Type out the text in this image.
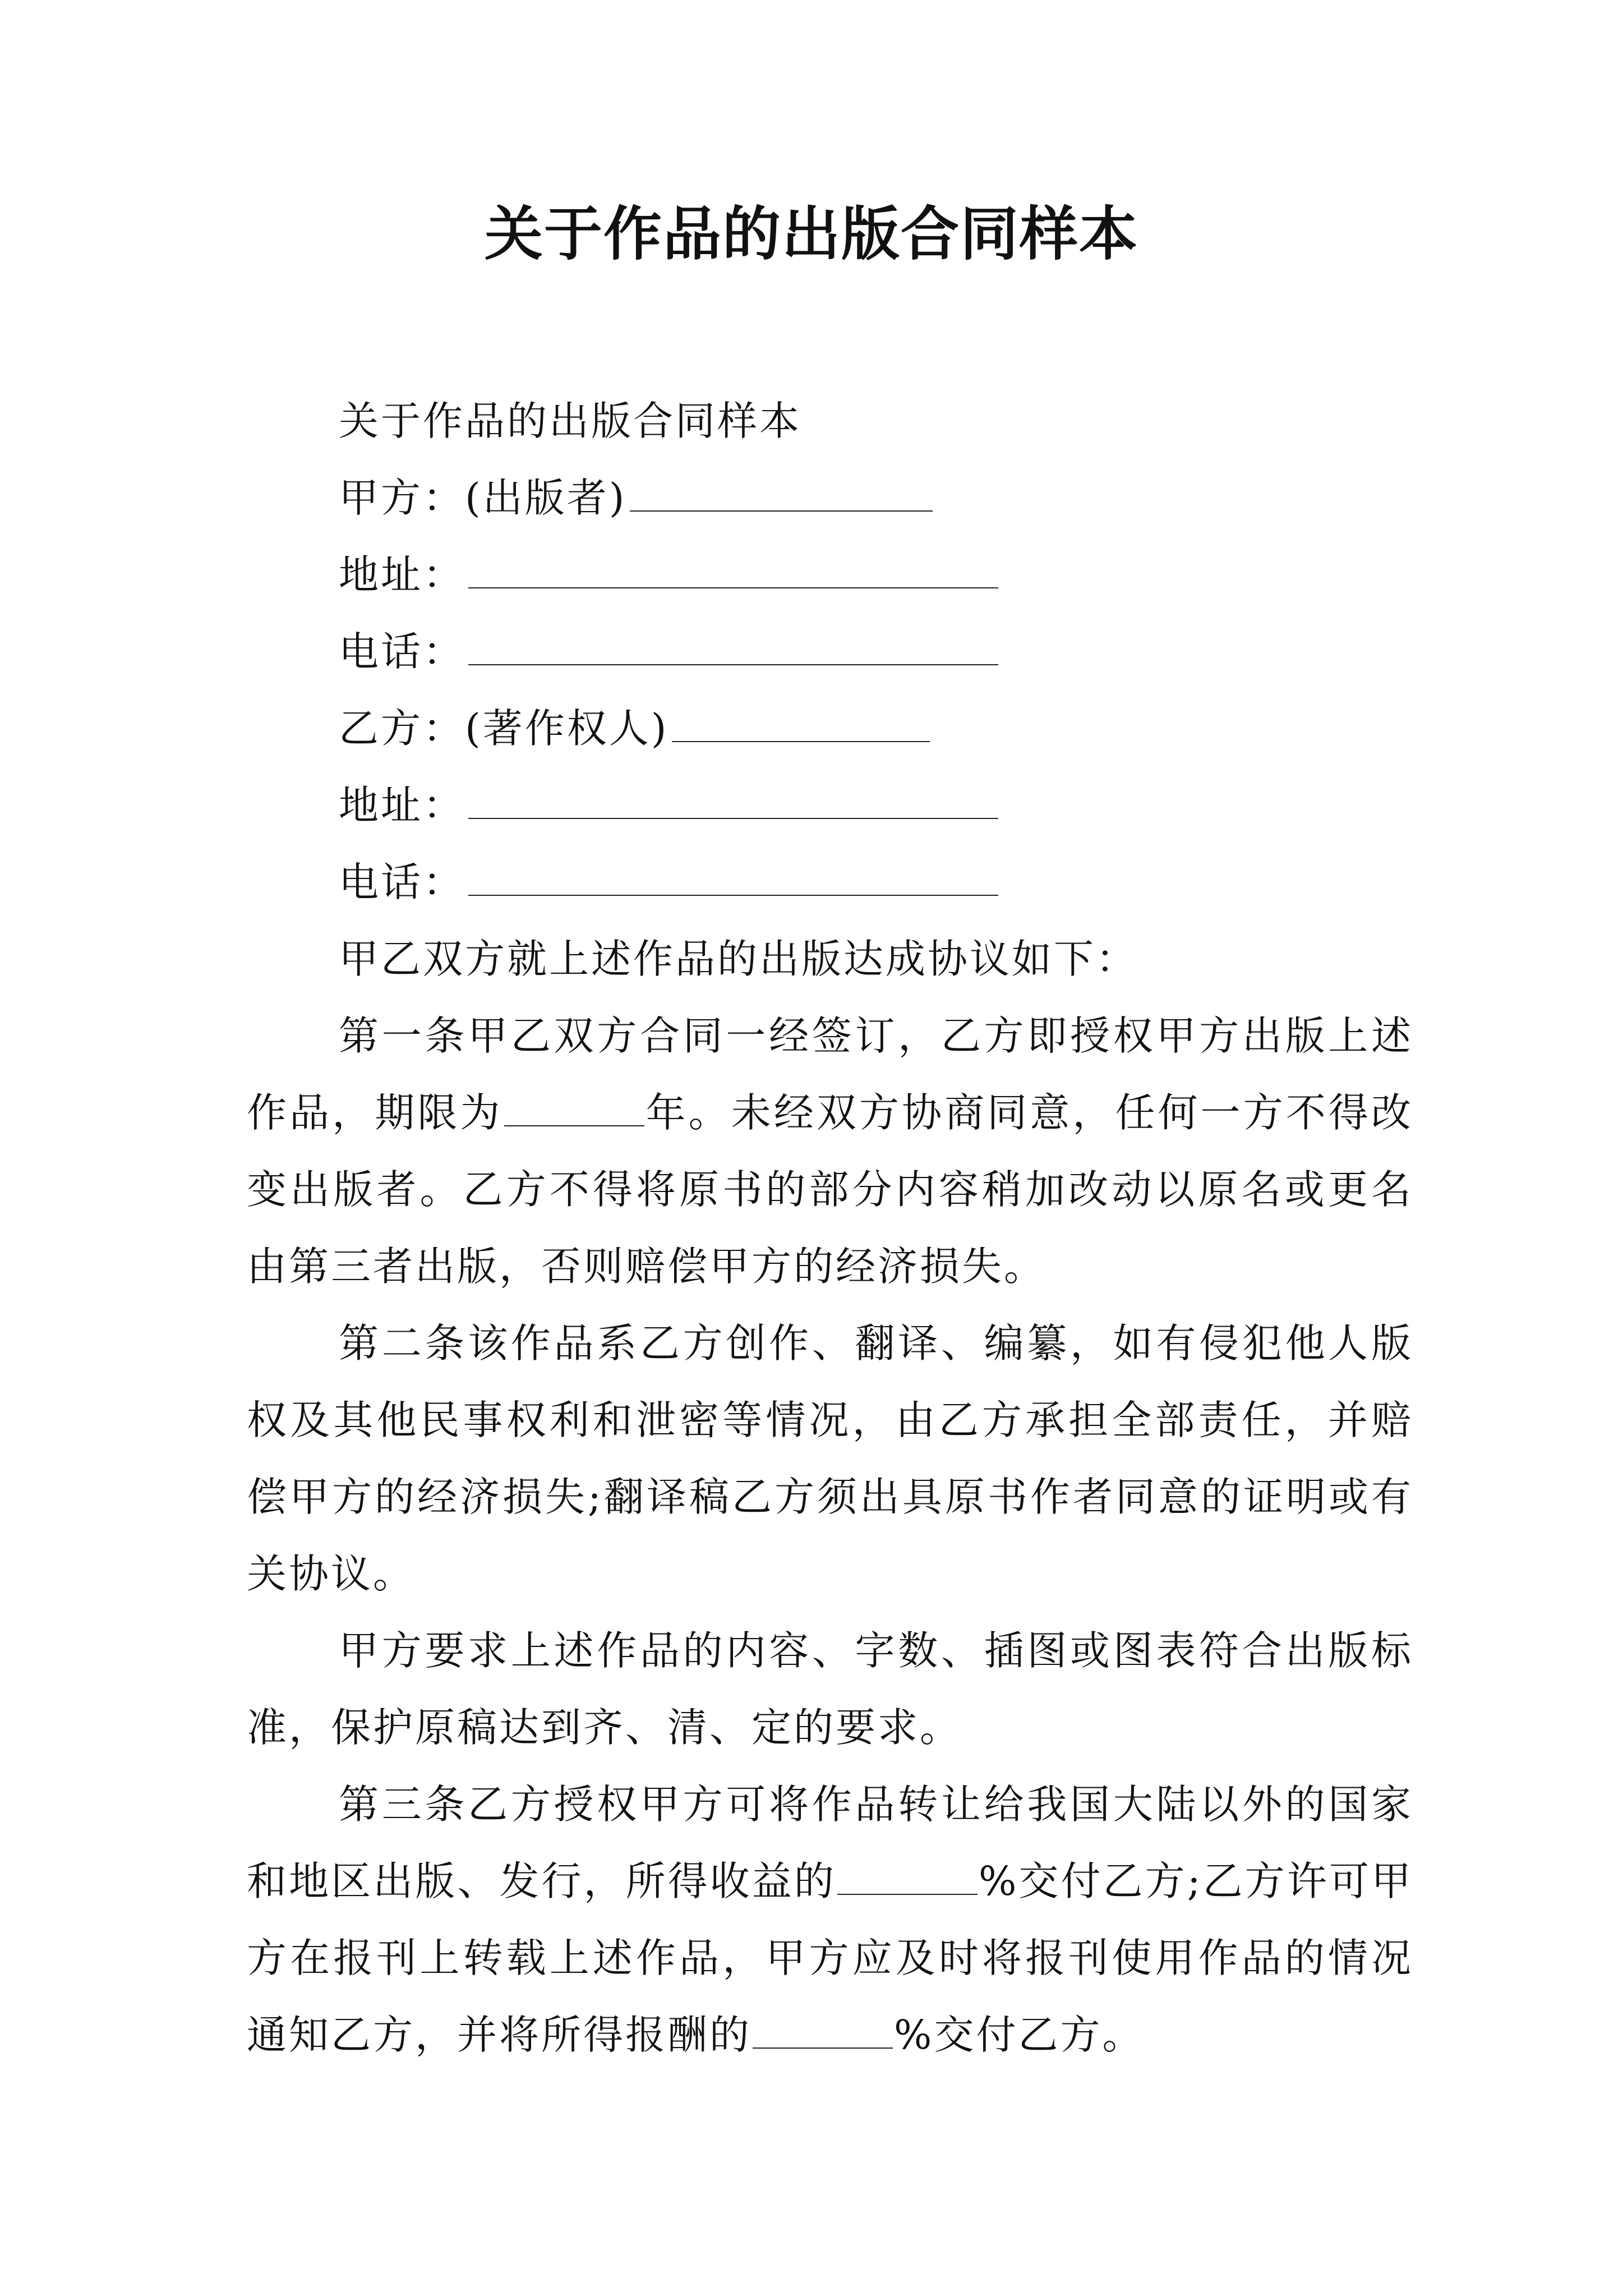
关于作品的出版合同样本
关于作品的出版合同样本
甲方：(出版者)
地址：
电话：
乙方：(著作权人)
地址：
电话：
甲乙双方就上述作品的出版达成协议如下：

第一条甲乙双方合同一经签订，乙方即授权甲方出版上述作品，期限为	年。未经双方协商同意，任何一方不得改变出版者。乙方不得将原书的部分内容稍加改动以原名或更名由第三者出版，否则赔偿甲方的经济损失。

第二条该作品系乙方创作、翻译、编纂，如有侵犯他人版权及其他民事权利和泄密等情况，由乙方承担全部责任，并赔偿甲方的经济损失;翻译稿乙方须出具原书作者同意的证明或有关协议。

甲方要求上述作品的内容、字数、插图或图表符合出版标准，保护原稿达到齐、清、定的要求。

第三条乙方授权甲方可将作品转让给我国大陆以外的国家和地区出版、发行，所得收益的	%交付乙方;乙方许可甲方在报刊上转载上述作品，甲方应及时将报刊使用作品的情况通知乙方，并将所得报酬的	%交付乙方。
